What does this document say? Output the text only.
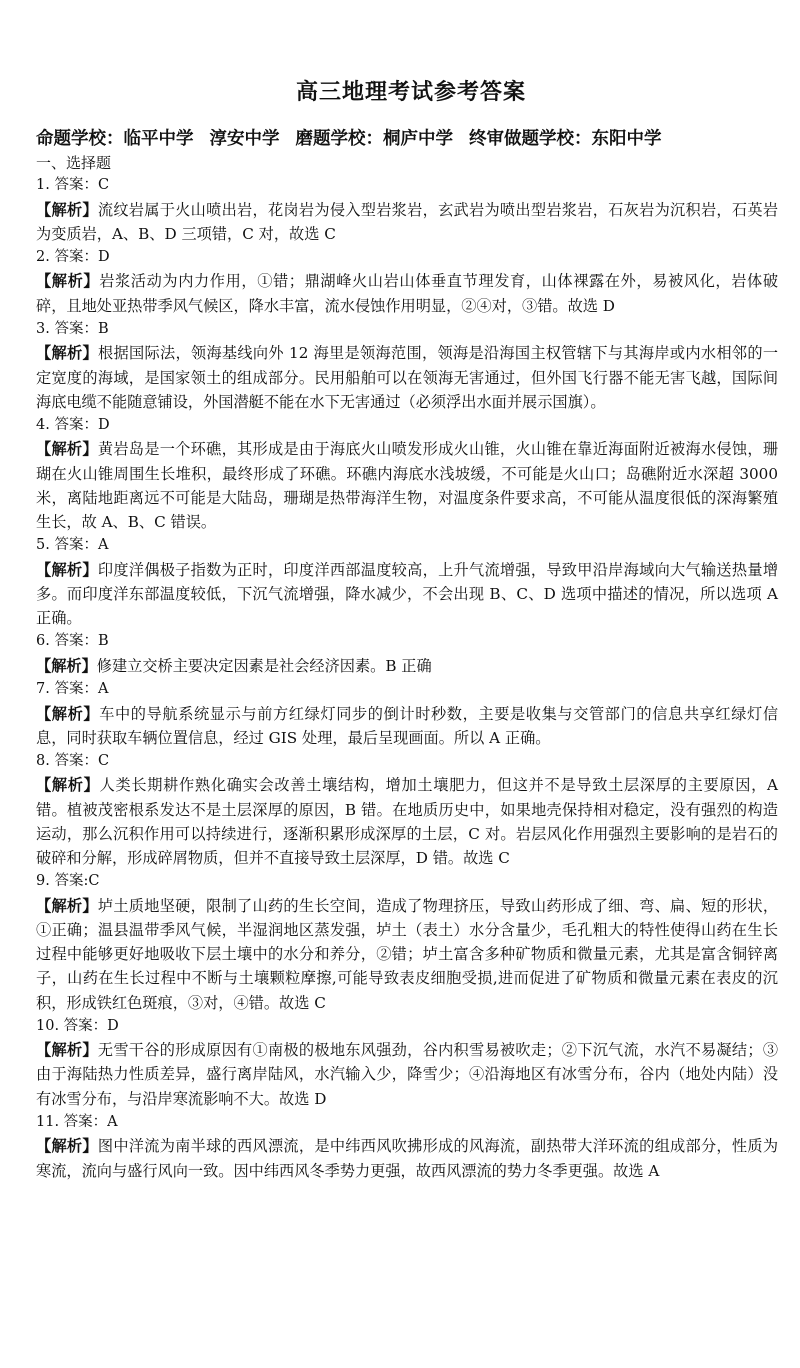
高三地理考试参考答案

命题学校：临平中学 淳安中学 磨题学校：桐庐中学 终审做题学校：东阳中学

一、选择题

1. 答案：C

【解析】流纹岩属于火山喷出岩，花岗岩为侵入型岩浆岩，玄武岩为喷出型岩浆岩，石灰岩为沉积岩，石英岩为变质岩，A、B、D 三项错，C 对，故选 C

2. 答案：D

【解析】岩浆活动为内力作用，①错；鼎湖峰火山岩山体垂直节理发育，山体裸露在外，易被风化，岩体破碎，且地处亚热带季风气候区，降水丰富，流水侵蚀作用明显，②④对，③错。故选 D

3. 答案：B

【解析】根据国际法，领海基线向外 12 海里是领海范围，领海是沿海国主权管辖下与其海岸或内水相邻的一定宽度的海域，是国家领土的组成部分。民用船舶可以在领海无害通过，但外国飞行器不能无害飞越，国际间海底电缆不能随意铺设，外国潜艇不能在水下无害通过（必须浮出水面并展示国旗）。

4. 答案：D

【解析】黄岩岛是一个环礁，其形成是由于海底火山喷发形成火山锥，火山锥在靠近海面附近被海水侵蚀，珊瑚在火山锥周围生长堆积，最终形成了环礁。环礁内海底水浅坡缓，不可能是火山口；岛礁附近水深超 3000 米，离陆地距离远不可能是大陆岛，珊瑚是热带海洋生物，对温度条件要求高，不可能从温度很低的深海繁殖生长，故 A、B、C 错误。

5. 答案：A

【解析】印度洋偶极子指数为正时，印度洋西部温度较高，上升气流增强，导致甲沿岸海域向大气输送热量增多。而印度洋东部温度较低，下沉气流增强，降水减少，不会出现 B、C、D 选项中描述的情况，所以选项 A 正确。

6. 答案：B

【解析】修建立交桥主要决定因素是社会经济因素。B 正确

7. 答案：A

【解析】车中的导航系统显示与前方红绿灯同步的倒计时秒数，主要是收集与交管部门的信息共享红绿灯信息，同时获取车辆位置信息，经过 GIS 处理，最后呈现画面。所以 A 正确。

8. 答案：C

【解析】人类长期耕作熟化确实会改善土壤结构，增加土壤肥力，但这并不是导致土层深厚的主要原因，A 错。植被茂密根系发达不是土层深厚的原因，B 错。在地质历史中，如果地壳保持相对稳定，没有强烈的构造运动，那么沉积作用可以持续进行，逐渐积累形成深厚的土层，C 对。岩层风化作用强烈主要影响的是岩石的破碎和分解，形成碎屑物质，但并不直接导致土层深厚，D 错。故选 C

9. 答案:C

【解析】垆土质地坚硬，限制了山药的生长空间，造成了物理挤压，导致山药形成了细、弯、扁、短的形状，①正确；温县温带季风气候，半湿润地区蒸发强，垆土（表土）水分含量少，毛孔粗大的特性使得山药在生长过程中能够更好地吸收下层土壤中的水分和养分，②错；垆土富含多种矿物质和微量元素，尤其是富含铜锌离子，山药在生长过程中不断与土壤颗粒摩擦,可能导致表皮细胞受损,进而促进了矿物质和微量元素在表皮的沉积，形成铁红色斑痕，③对，④错。故选 C

10. 答案：D

【解析】无雪干谷的形成原因有①南极的极地东风强劲，谷内积雪易被吹走；②下沉气流，水汽不易凝结；③由于海陆热力性质差异，盛行离岸陆风，水汽输入少，降雪少；④沿海地区有冰雪分布，谷内（地处内陆）没有冰雪分布，与沿岸寒流影响不大。故选 D

11. 答案：A

【解析】图中洋流为南半球的西风漂流，是中纬西风吹拂形成的风海流，副热带大洋环流的组成部分，性质为寒流，流向与盛行风向一致。因中纬西风冬季势力更强，故西风漂流的势力冬季更强。故选 A
